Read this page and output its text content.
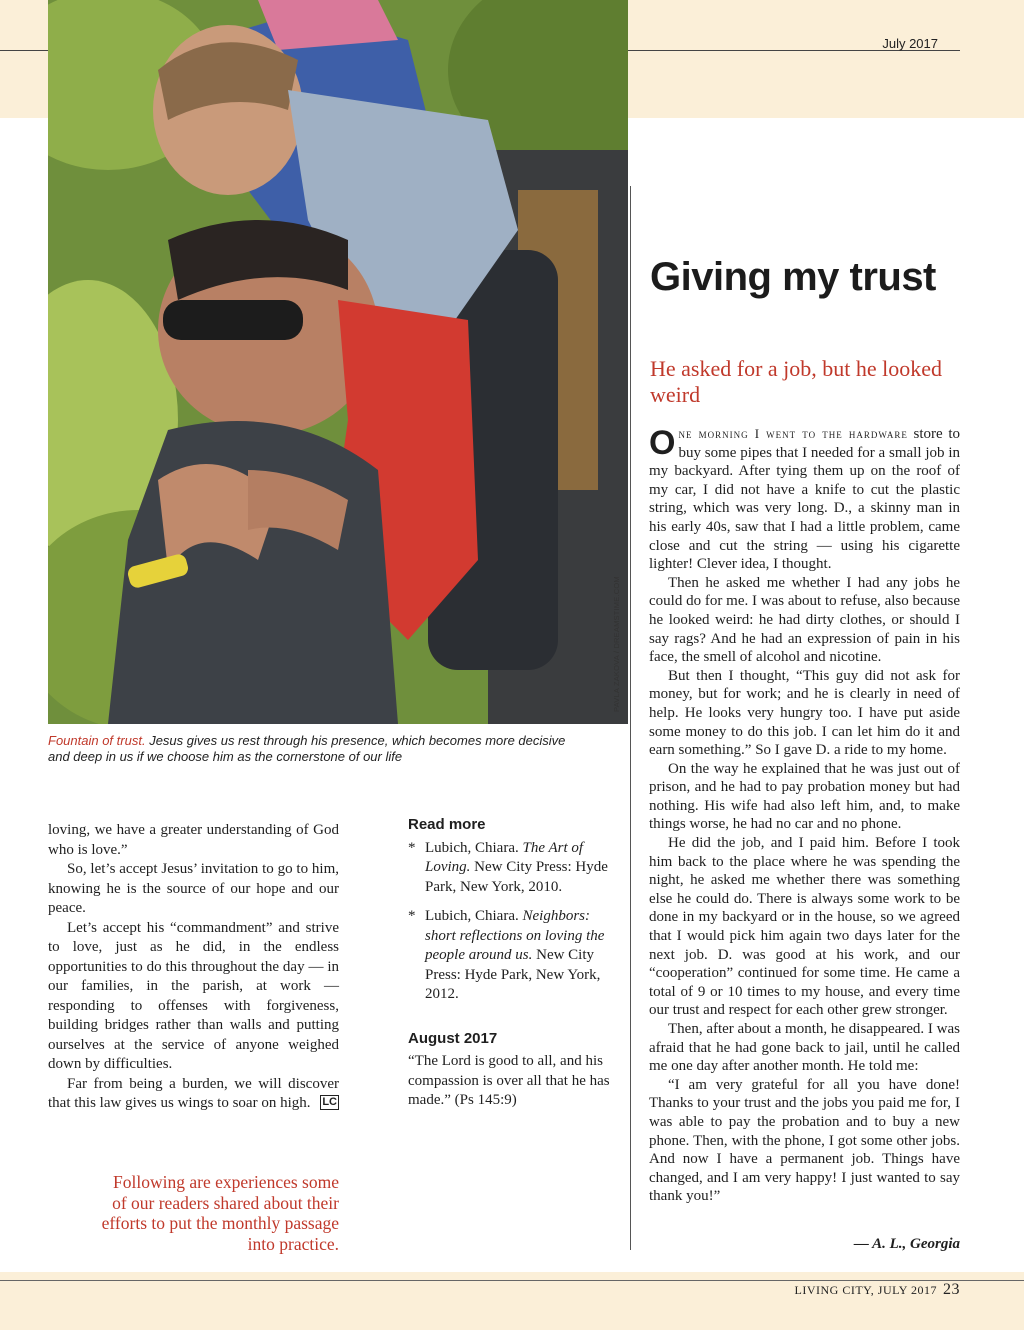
July 2017
PAVLA ZAKOVA / DREAMSTIME.COM
Fountain of trust. Jesus gives us rest through his presence, which becomes more decisive and deep in us if we choose him as the cornerstone of our life

loving, we have a greater understanding of God who is love.”

So, let’s accept Jesus’ invitation to go to him, knowing he is the source of our hope and our peace.

Let’s accept his “commandment” and strive to love, just as he did, in the endless opportunities to do this throughout the day — in our families, in the parish, at work — responding to offenses with forgiveness, building bridges rather than walls and putting ourselves at the service of anyone weighed down by difficulties.

Far from being a burden, we will discover that this law gives us wings to soar on high. LC

Following are experiences some of our readers shared about their efforts to put the monthly passage into practice.
Read more
* Lubich, Chiara. The Art of Loving. New City Press: Hyde Park, New York, 2010.
* Lubich, Chiara. Neighbors: short reflections on loving the people around us. New City Press: Hyde Park, New York, 2012.
August 2017
“The Lord is good to all, and his compassion is over all that he has made.” (Ps 145:9)
Giving my trust
He asked for a job, but he looked weird

One morning I went to the hardware store to buy some pipes that I needed for a small job in my backyard. After tying them up on the roof of my car, I did not have a knife to cut the plastic string, which was very long. D., a skinny man in his early 40s, saw that I had a little problem, came close and cut the string — using his cigarette lighter! Clever idea, I thought.

Then he asked me whether I had any jobs he could do for me. I was about to refuse, also because he looked weird: he had dirty clothes, or should I say rags? And he had an expression of pain in his face, the smell of alcohol and nicotine.

But then I thought, “This guy did not ask for money, but for work; and he is clearly in need of help. He looks very hungry too. I have put aside some money to do this job. I can let him do it and earn something.” So I gave D. a ride to my home.

On the way he explained that he was just out of prison, and he had to pay probation money but had nothing. His wife had also left him, and, to make things worse, he had no car and no phone.

He did the job, and I paid him. Before I took him back to the place where he was spending the night, he asked me whether there was something else he could do. There is always some work to be done in my backyard or in the house, so we agreed that I would pick him again two days later for the next job. D. was good at his work, and our “cooperation” continued for some time. He came a total of 9 or 10 times to my house, and every time our trust and respect for each other grew stronger.

Then, after about a month, he disappeared. I was afraid that he had gone back to jail, until he called me one day after another month. He told me:

“I am very grateful for all you have done! Thanks to your trust and the jobs you paid me for, I was able to pay the probation and to buy a new phone. Then, with the phone, I got some other jobs. And now I have a permanent job. Things have changed, and I am very happy! I just wanted to say thank you!”

— A. L., Georgia
LIVING CITY, JULY 2017 23
